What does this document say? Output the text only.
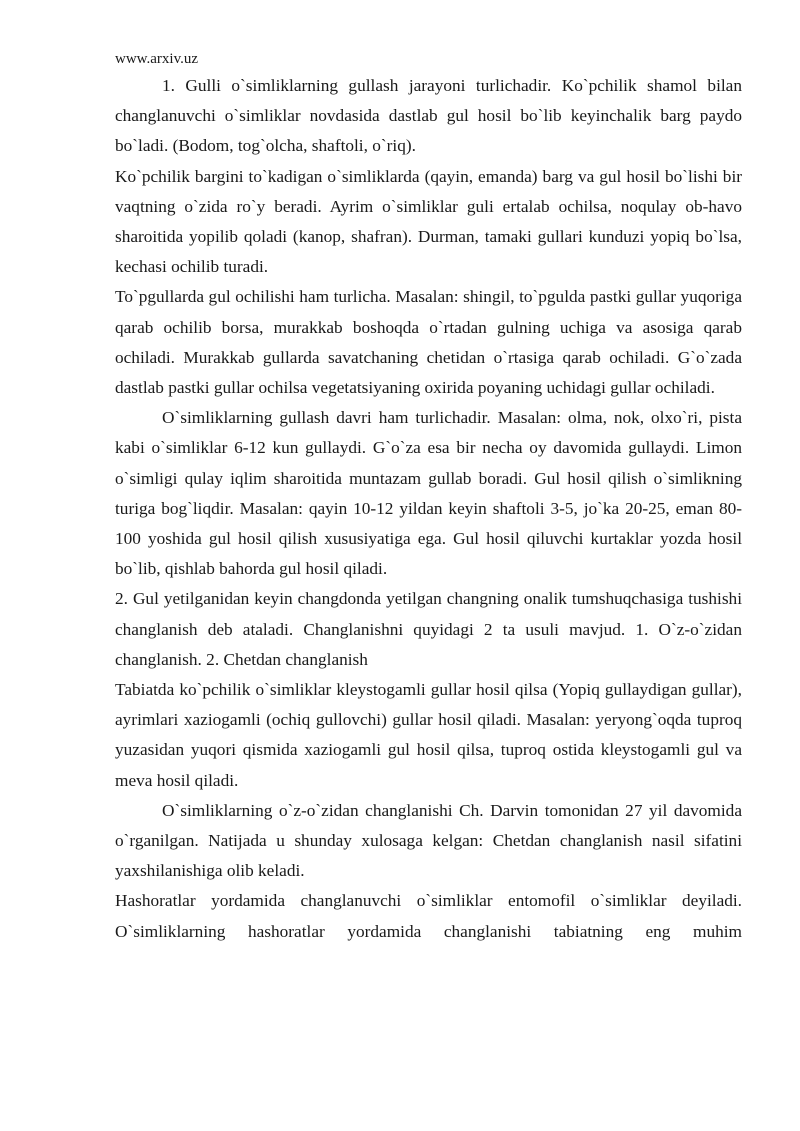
www.arxiv.uz

1. Gulli o`simliklarning gullash jarayoni turlichadir. Ko`pchilik shamol bilan changlanuvchi o`simliklar novdasida dastlab gul hosil bo`lib keyinchalik barg paydo bo`ladi. (Bodom, tog`olcha, shaftoli, o`riq).

Ko`pchilik bargini to`kadigan o`simliklarda (qayin, emanda) barg va gul hosil bo`lishi bir vaqtning o`zida ro`y beradi. Ayrim o`simliklar guli ertalab ochilsa, noqulay ob-havo sharoitida yopilib qoladi (kanop, shafran). Durman, tamaki gullari kunduzi yopiq bo`lsa, kechasi ochilib turadi.

To`pgullarda gul ochilishi ham turlicha. Masalan: shingil, to`pgulda pastki gullar yuqoriga qarab ochilib borsa, murakkab boshoqda o`rtadan gulning uchiga va asosiga qarab ochiladi. Murakkab gullarda savatchaning chetidan o`rtasiga qarab ochiladi. G`o`zada dastlab pastki gullar ochilsa vegetatsiyaning oxirida poyaning uchidagi gullar ochiladi.

O`simliklarning gullash davri ham turlichadir. Masalan: olma, nok, olxo`ri, pista kabi o`simliklar 6-12 kun gullaydi. G`o`za esa bir necha oy davomida gullaydi. Limon o`simligi qulay iqlim sharoitida muntazam gullab boradi. Gul hosil qilish o`simlikning turiga bog`liqdir. Masalan: qayin 10-12 yildan keyin shaftoli 3-5, jo`ka 20-25, eman 80-100 yoshida gul hosil qilish xususiyatiga ega. Gul hosil qiluvchi kurtaklar yozda hosil bo`lib, qishlab bahorda gul hosil qiladi.

2. Gul yetilganidan keyin changdonda yetilgan changning onalik tumshuqchasiga tushishi changlanish deb ataladi. Changlanishni quyidagi 2 ta usuli mavjud. 1. O`z-o`zidan changlanish. 2. Chetdan changlanish

Tabiatda ko`pchilik o`simliklar kleystogamli gullar hosil qilsa (Yopiq gullaydigan gullar), ayrimlari xaziogamli (ochiq gullovchi) gullar hosil qiladi. Masalan: yeryong`oqda tuproq yuzasidan yuqori qismida xaziogamli gul hosil qilsa, tuproq ostida kleystogamli gul va meva hosil qiladi.

O`simliklarning o`z-o`zidan changlanishi Ch. Darvin tomonidan 27 yil davomida o`rganilgan. Natijada u shunday xulosaga kelgan: Chetdan changlanish nasil sifatini yaxshilanishiga olib keladi.

Hashoratlar yordamida changlanuvchi o`simliklar entomofil o`simliklar deyiladi. O`simliklarning hashoratlar yordamida changlanishi tabiatning eng muhim
